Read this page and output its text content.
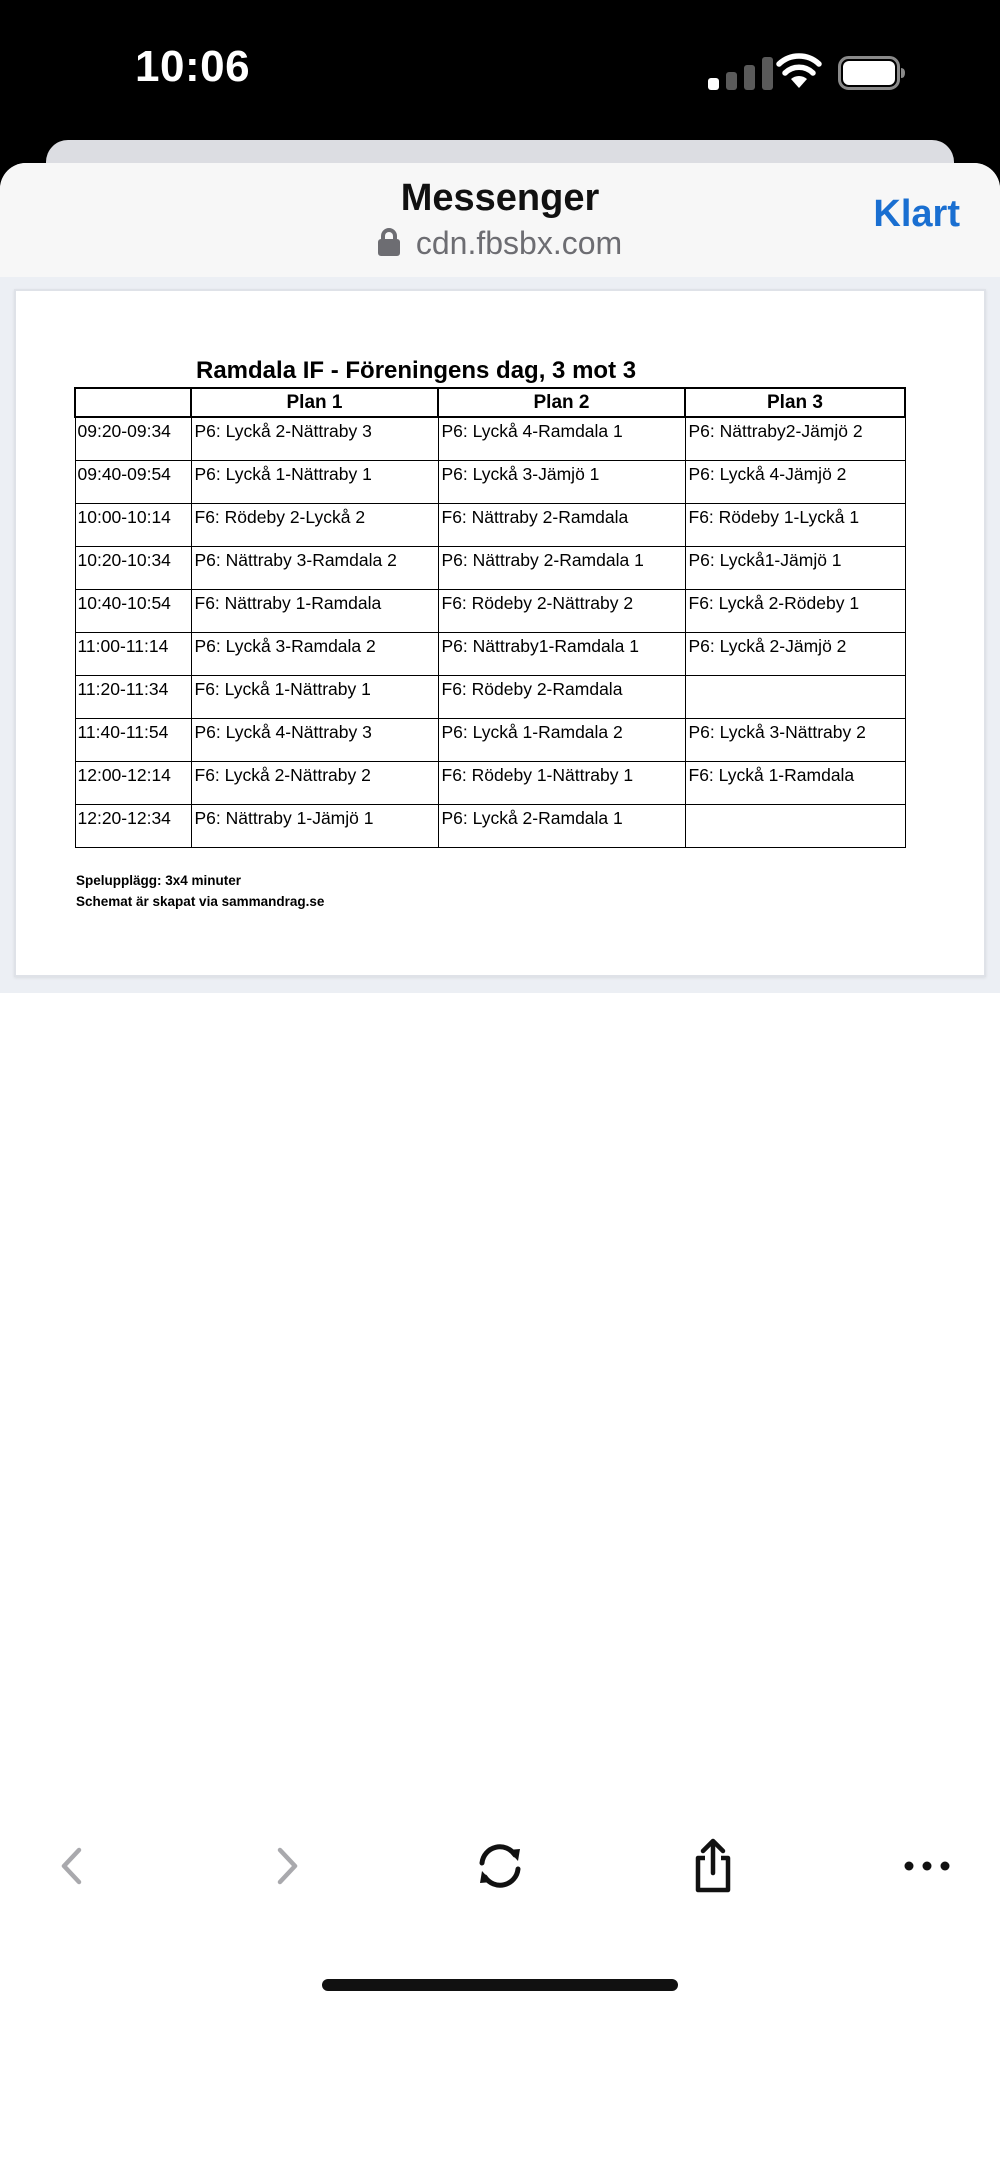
10:06
Messenger
cdn.fbsbx.com
Klart
Ramdala IF - Föreningens dag, 3 mot 3
	Plan 1	Plan 2	Plan 3
09:20-09:34	P6: Lyckå 2-Nättraby 3	P6: Lyckå 4-Ramdala 1	P6: Nättraby2-Jämjö 2
09:40-09:54	P6: Lyckå 1-Nättraby 1	P6: Lyckå 3-Jämjö 1	P6: Lyckå 4-Jämjö 2
10:00-10:14	F6: Rödeby 2-Lyckå 2	F6: Nättraby 2-Ramdala	F6: Rödeby 1-Lyckå 1
10:20-10:34	P6: Nättraby 3-Ramdala 2	P6: Nättraby 2-Ramdala 1	P6: Lyckå1-Jämjö 1
10:40-10:54	F6: Nättraby 1-Ramdala	F6: Rödeby 2-Nättraby 2	F6: Lyckå 2-Rödeby 1
11:00-11:14	P6: Lyckå 3-Ramdala 2	P6: Nättraby1-Ramdala 1	P6: Lyckå 2-Jämjö 2
11:20-11:34	F6: Lyckå 1-Nättraby 1	F6: Rödeby 2-Ramdala	
11:40-11:54	P6: Lyckå 4-Nättraby 3	P6: Lyckå 1-Ramdala 2	P6: Lyckå 3-Nättraby 2
12:00-12:14	F6: Lyckå 2-Nättraby 2	F6: Rödeby 1-Nättraby 1	F6: Lyckå 1-Ramdala
12:20-12:34	P6: Nättraby 1-Jämjö 1	P6: Lyckå 2-Ramdala 1	
Spelupplägg: 3x4 minuter
Schemat är skapat via sammandrag.se
